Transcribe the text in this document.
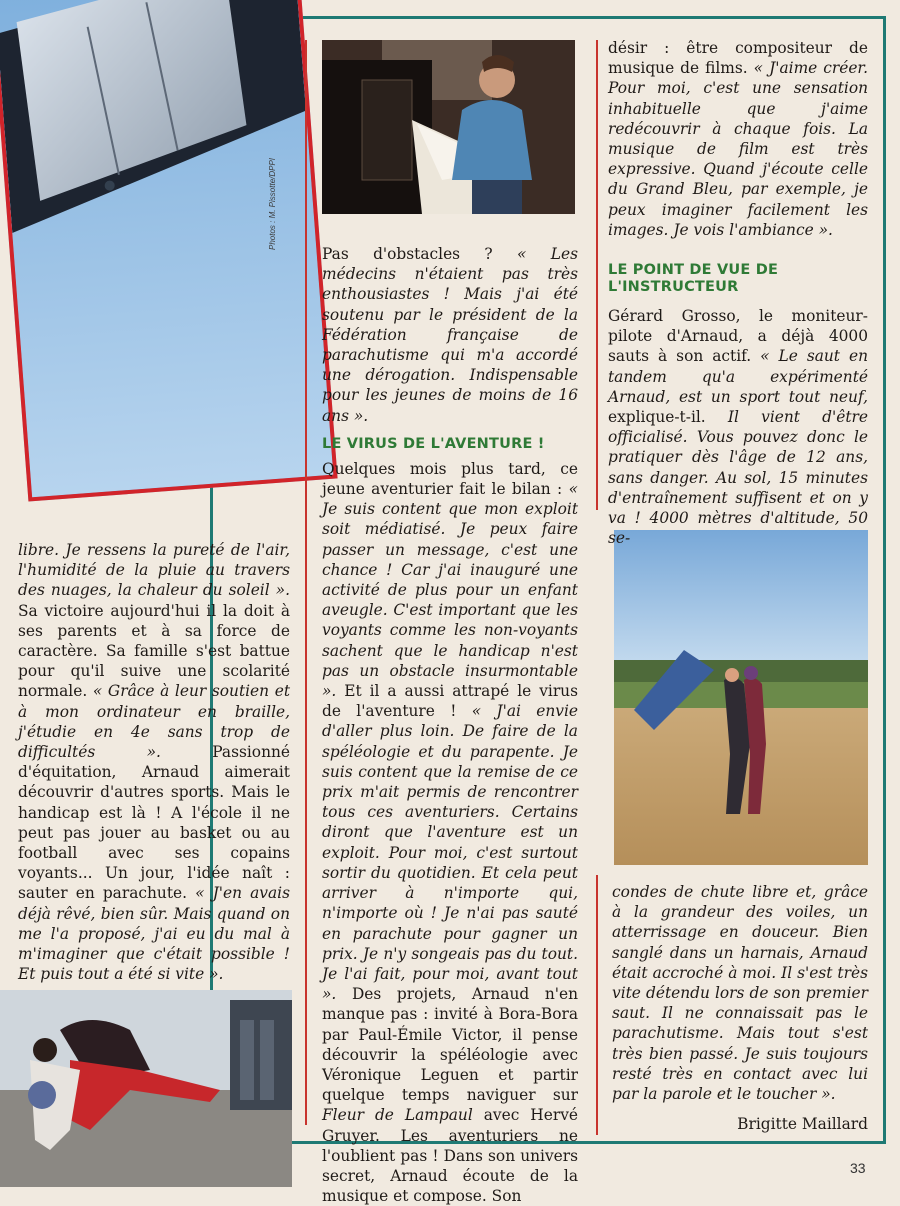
Photos : M. Pissotte/DPPI

libre. Je ressens la pureté de l'air, l'humidité de la pluie au travers des nuages, la chaleur du soleil ». Sa victoire aujourd'hui il la doit à ses parents et à sa force de caractère. Sa famille s'est battue pour qu'il suive une scolarité normale. « Grâce à leur soutien et à mon ordinateur en braille, j'étudie en 4e sans trop de difficultés ». Passionné d'équitation, Arnaud aimerait découvrir d'autres sports. Mais le handicap est là ! A l'école il ne peut pas jouer au basket ou au football avec ses copains voyants... Un jour, l'idée naît : sauter en parachute. « J'en avais déjà rêvé, bien sûr. Mais quand on me l'a proposé, j'ai eu du mal à m'imaginer que c'était possible ! Et puis tout a été si vite ».

Pas d'obstacles ? « Les médecins n'étaient pas très enthousiastes ! Mais j'ai été soutenu par le président de la Fédération française de parachutisme qui m'a accordé une dérogation. Indispensable pour les jeunes de moins de 16 ans ».

LE VIRUS DE L'AVENTURE !

Quelques mois plus tard, ce jeune aventurier fait le bilan : « Je suis content que mon exploit soit médiatisé. Je peux faire passer un message, c'est une chance ! Car j'ai inauguré une activité de plus pour un enfant aveugle. C'est important que les voyants comme les non-voyants sachent que le handicap n'est pas un obstacle insurmontable ». Et il a aussi attrapé le virus de l'aventure ! « J'ai envie d'aller plus loin. De faire de la spéléologie et du parapente. Je suis content que la remise de ce prix m'ait permis de rencontrer tous ces aventuriers. Certains diront que l'aventure est un exploit. Pour moi, c'est surtout sortir du quotidien. Et cela peut arriver à n'importe qui, n'importe où ! Je n'ai pas sauté en parachute pour gagner un prix. Je n'y songeais pas du tout. Je l'ai fait, pour moi, avant tout ». Des projets, Arnaud n'en manque pas : invité à Bora-Bora par Paul-Émile Victor, il pense découvrir la spéléologie avec Véronique Leguen et partir quelque temps naviguer sur Fleur de Lampaul avec Hervé Gruyer. Les aventuriers ne l'oublient pas ! Dans son univers secret, Arnaud écoute de la musique et compose. Son

désir : être compositeur de musique de films. « J'aime créer. Pour moi, c'est une sensation inhabituelle que j'aime redécouvrir à chaque fois. La musique de film est très expressive. Quand j'écoute celle du Grand Bleu, par exemple, je peux imaginer facilement les images. Je vois l'ambiance ».

LE POINT DE VUE DE L'INSTRUCTEUR

Gérard Grosso, le moniteur-pilote d'Arnaud, a déjà 4000 sauts à son actif. « Le saut en tandem qu'a expérimenté Arnaud, est un sport tout neuf, explique-t-il. Il vient d'être officialisé. Vous pouvez donc le pratiquer dès l'âge de 12 ans, sans danger. Au sol, 15 minutes d'entraînement suffisent et on y va ! 4000 mètres d'altitude, 50 se-

condes de chute libre et, grâce à la grandeur des voiles, un atterrissage en douceur. Bien sanglé dans un harnais, Arnaud était accroché à moi. Il s'est très vite détendu lors de son premier saut. Il ne connaissait pas le parachutisme. Mais tout s'est très bien passé. Je suis toujours resté très en contact avec lui par la parole et le toucher ».

Brigitte Maillard

33
